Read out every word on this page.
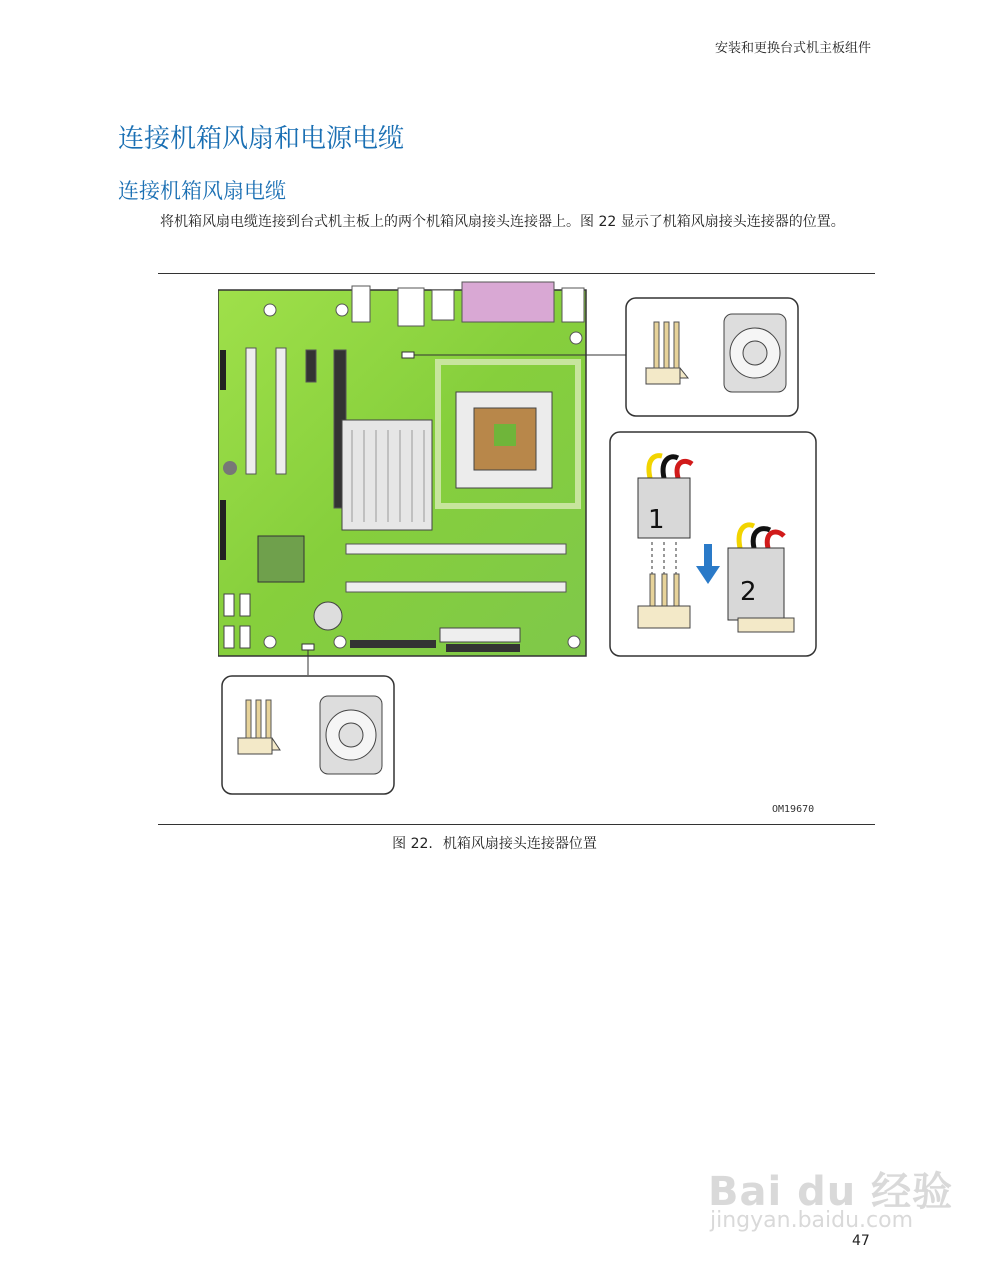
安装和更换台式机主板组件
连接机箱风扇和电源电缆
连接机箱风扇电缆

将机箱风扇电缆连接到台式机主板上的两个机箱风扇接头连接器上。图 22 显示了机箱风扇接头连接器的位置。

1
2
OM19670
图 22. 机箱风扇接头连接器位置
Bai du 经验
jingyan.baidu.com
47
